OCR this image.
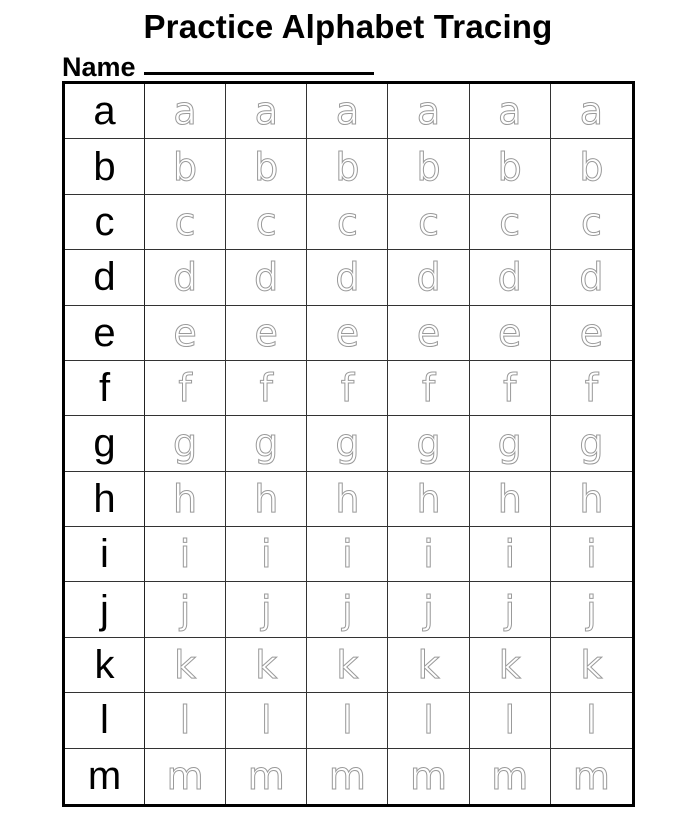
Practice Alphabet Tracing
Name
a a a a a a a
b b b b b b b
c c c c c c c
d d d d d d d
e e e e e e e
f f f f f f f
g g g g g g g
h h h h h h h
i i i i i i i
j j j j j j j
k k k k k k k
l l l l l l l
m m m m m m m
